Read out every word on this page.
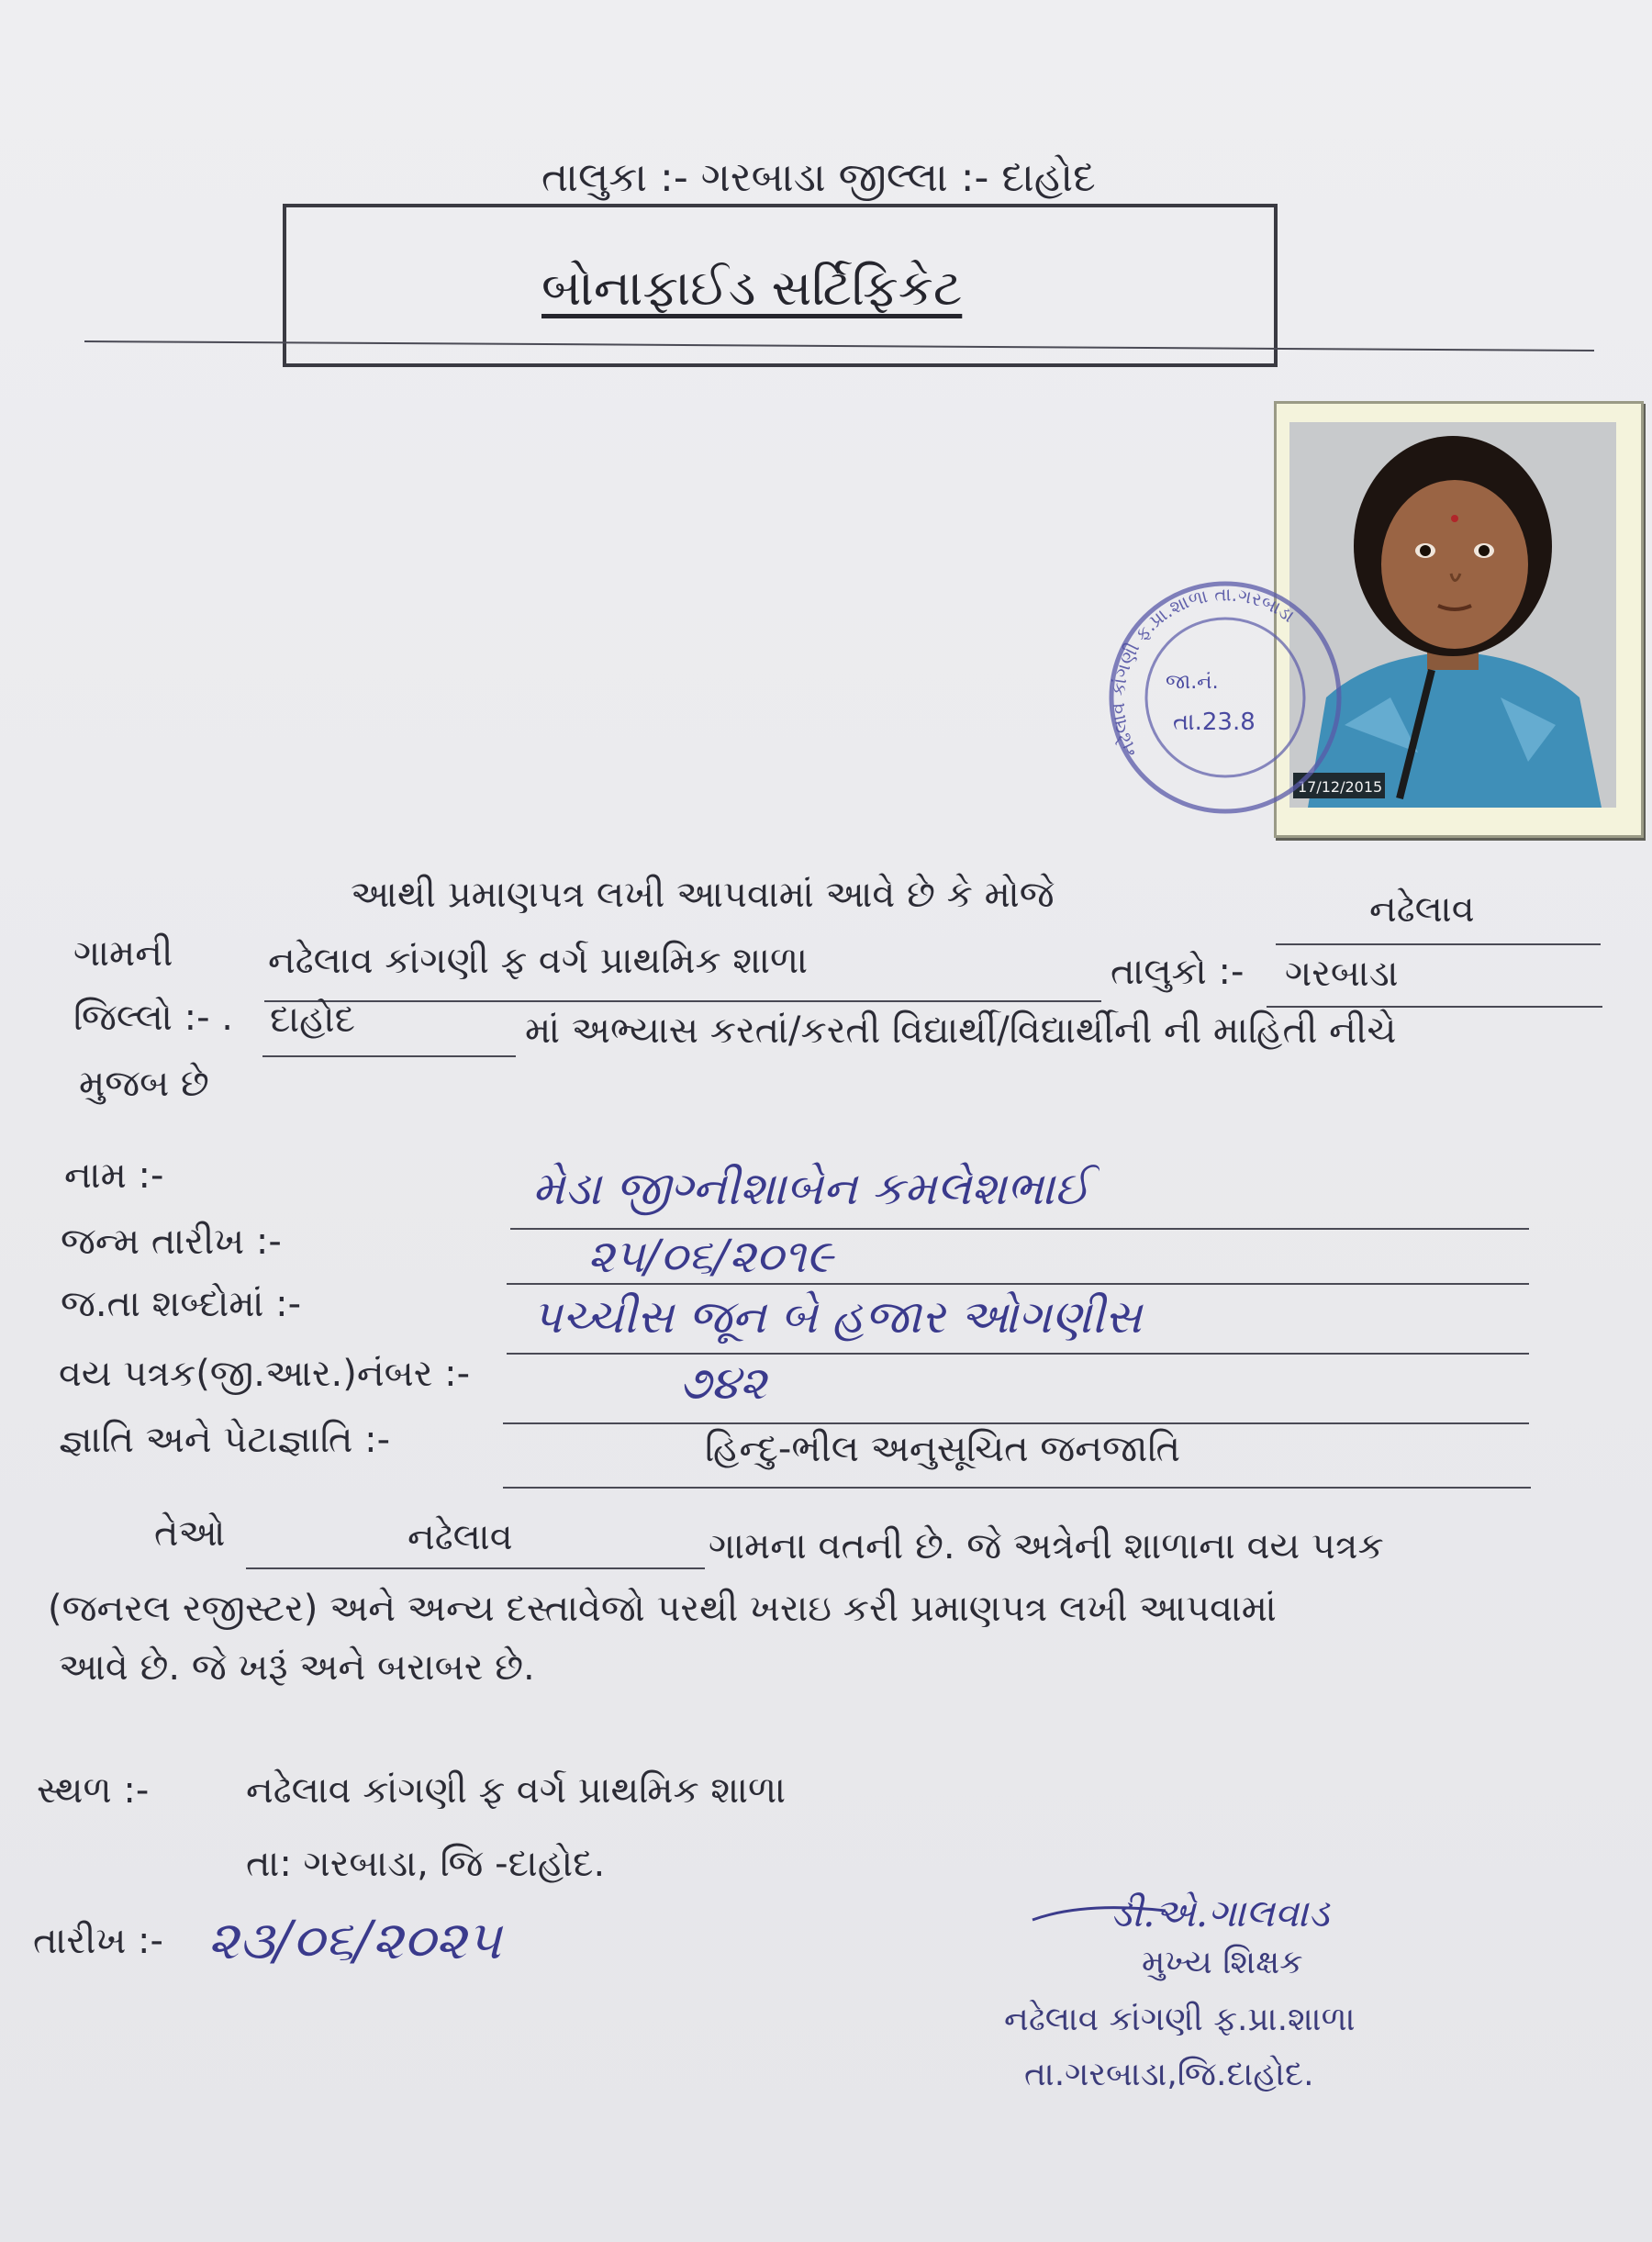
તાલુકા :- ગરબાડા જીલ્લા :- દાહોદ
બોનાફાઈડ સર્ટિફિકેટ
17/12/2015
જા.નં.
તા.23.8
નઢેલાવ કાંગણી ફ.પ્રા.શાળા તા.ગરબાડા
આથી પ્રમાણપત્ર લખી આપવામાં આવે છે કે મોજે	નઢેલાવ
ગામની	નઢેલાવ કાંગણી ફ વર્ગ પ્રાથમિક શાળા	તાલુકો :- ગરબાડા
જિલ્લો :- . દાહોદ	માં અભ્યાસ કરતાં/કરતી વિદ્યાર્થી/વિદ્યાર્થીની ની માહિતી નીચે
મુજબ છે
નામ :-	મેડા જીગ્નીશાબેન કમલેશભાઈ
જન્મ તારીખ :-	૨૫/૦૬/૨૦૧૯
જ.તા શબ્દોમાં :-	પચ્ચીસ જૂન બે હજાર ઓગણીસ
વય પત્રક(જી.આર.)નંબર :-	૭૪૨
જ્ઞાતિ અને પેટાજ્ઞાતિ :-	હિન્દુ-ભીલ અનુસૂચિત જનજાતિ
તેઓ	નઢેલાવ	ગામના વતની છે. જે અત્રેની શાળાના વય પત્રક
(જનરલ રજીસ્ટર) અને અન્ય દસ્તાવેજો પરથી ખરાઇ કરી પ્રમાણપત્ર લખી આપવામાં
આવે છે. જે ખરૂં અને બરાબર છે.
સ્થળ :-	નઢેલાવ કાંગણી ફ વર્ગ પ્રાથમિક શાળા
તા: ગરબાડા, જિ -દાહોદ.
તારીખ :- ૨૩/૦૬/૨૦૨૫	ડી.એ.ગાલવાડ
મુખ્ય શિક્ષક
નઢેલાવ કાંગણી ફ.પ્રા.શાળા
તા.ગરબાડા,જિ.દાહોદ.
